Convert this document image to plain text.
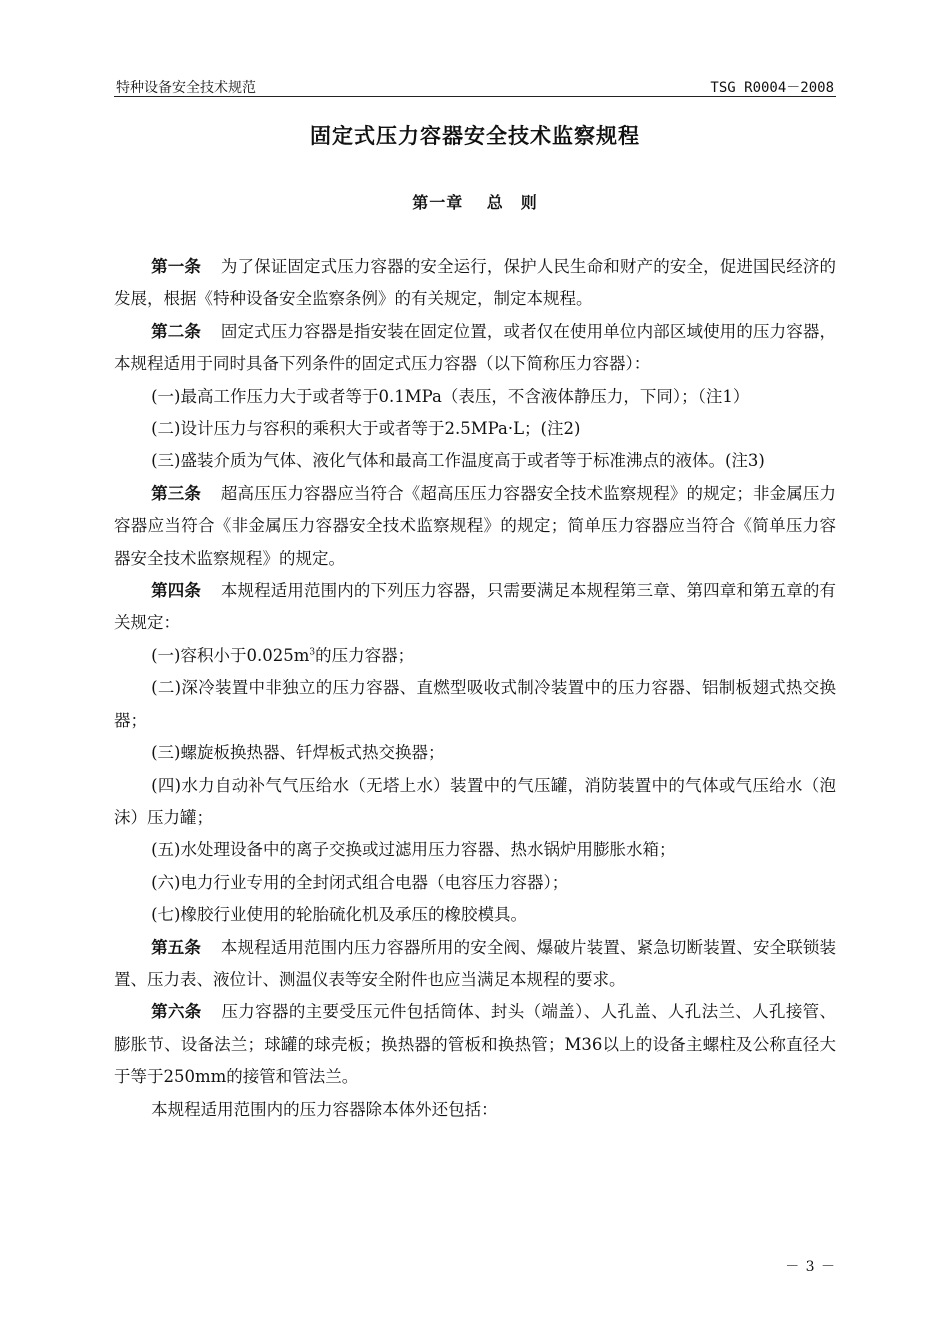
特种设备安全技术规范	TSG R0004－2008
固定式压力容器安全技术监察规程
第一章　 总　则

第一条 为了保证固定式压力容器的安全运行，保护人民生命和财产的安全，促进国民经济的发展，根据《特种设备安全监察条例》的有关规定，制定本规程。

第二条 固定式压力容器是指安装在固定位置，或者仅在使用单位内部区域使用的压力容器，本规程适用于同时具备下列条件的固定式压力容器（以下简称压力容器）：

(一)最高工作压力大于或者等于0.1MPa（表压，不含液体静压力，下同）；（注1）

(二)设计压力与容积的乘积大于或者等于2.5MPa·L；(注2)

(三)盛装介质为气体、液化气体和最高工作温度高于或者等于标准沸点的液体。(注3)

第三条 超高压压力容器应当符合《超高压压力容器安全技术监察规程》的规定；非金属压力容器应当符合《非金属压力容器安全技术监察规程》的规定；简单压力容器应当符合《简单压力容器安全技术监察规程》的规定。

第四条 本规程适用范围内的下列压力容器，只需要满足本规程第三章、第四章和第五章的有关规定：

(一)容积小于$0.025m^3$的压力容器；

(二)深冷装置中非独立的压力容器、直燃型吸收式制冷装置中的压力容器、铝制板翅式热交换器；

(三)螺旋板换热器、钎焊板式热交换器；

(四)水力自动补气气压给水（无塔上水）装置中的气压罐，消防装置中的气体或气压给水（泡沫）压力罐；

(五)水处理设备中的离子交换或过滤用压力容器、热水锅炉用膨胀水箱；

(六)电力行业专用的全封闭式组合电器（电容压力容器）；

(七)橡胶行业使用的轮胎硫化机及承压的橡胶模具。

第五条 本规程适用范围内压力容器所用的安全阀、爆破片装置、紧急切断装置、安全联锁装置、压力表、液位计、测温仪表等安全附件也应当满足本规程的要求。

第六条 压力容器的主要受压元件包括筒体、封头（端盖）、人孔盖、人孔法兰、人孔接管、膨胀节、设备法兰；球罐的球壳板；换热器的管板和换热管；M36以上的设备主螺柱及公称直径大于等于250mm的接管和管法兰。

本规程适用范围内的压力容器除本体外还包括：

－ 3 －
